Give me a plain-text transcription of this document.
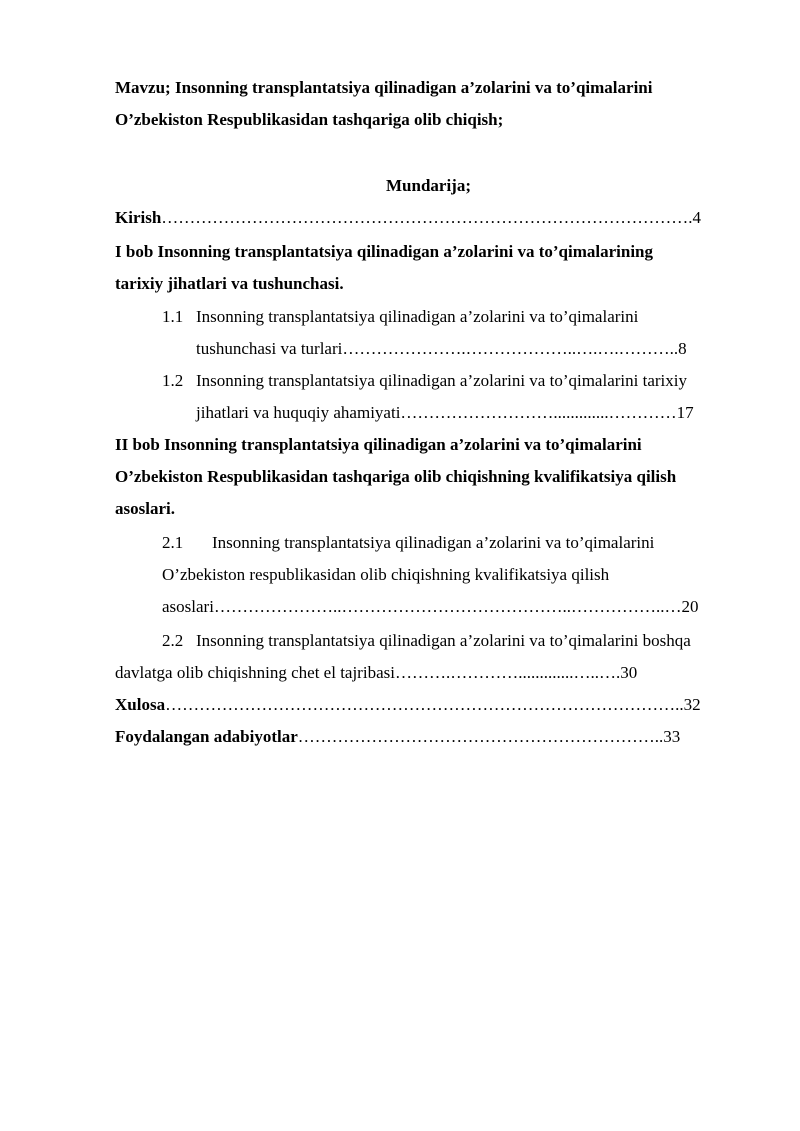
Mavzu; Insonning transplantatsiya qilinadigan a’zolarini va to’qimalarini

O’zbekiston Respublikasidan tashqariga olib chiqish;

Mundarija;

Kirish………………………………………………………………………………….4

I bob Insonning transplantatsiya qilinadigan a’zolarini va to’qimalarining

tarixiy jihatlari va tushunchasi.

1.1 Insonning transplantatsiya qilinadigan a’zolarini va to’qimalarini

tushunchasi va turlari………………….………………..….….………..8

1.2 Insonning transplantatsiya qilinadigan a’zolarini va to’qimalarini tarixiy

jihatlari va huquqiy ahamiyati……………………….............…………17

II bob Insonning transplantatsiya qilinadigan a’zolarini va to’qimalarini

O’zbekiston Respublikasidan tashqariga olib chiqishning kvalifikatsiya qilish

asoslari.

2.1 Insonning transplantatsiya qilinadigan a’zolarini va to’qimalarini

O’zbekiston respublikasidan olib chiqishning kvalifikatsiya qilish

asoslari…………………..…………………………………..……………..…20

2.2 Insonning transplantatsiya qilinadigan a’zolarini va to’qimalarini boshqa

davlatga olib chiqishning chet el tajribasi……….………….............…..….30

Xulosa………………………………………………………………………………..32

Foydalangan adabiyotlar………………………………………………………..33
